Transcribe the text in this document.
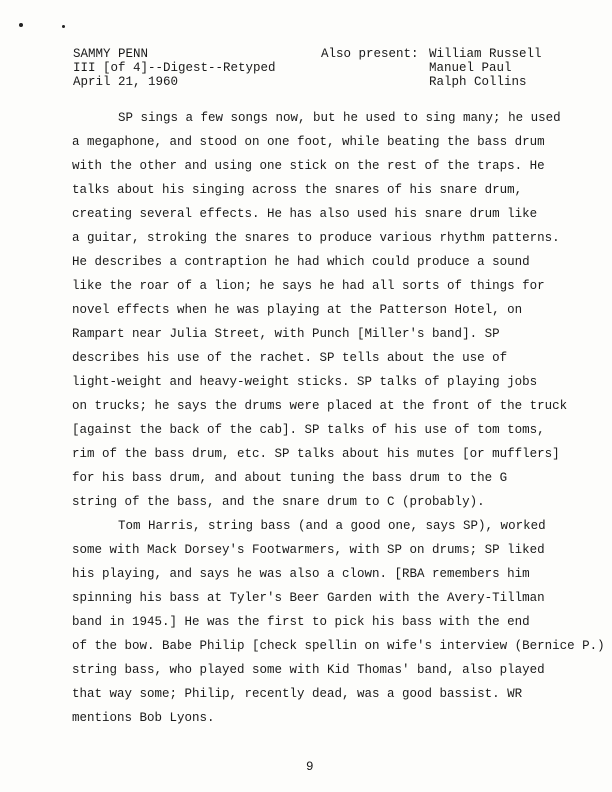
SAMMY PENN
III [of 4]--Digest--Retyped
April 21, 1960
Also present: William Russell
Manuel Paul
Ralph Collins
SP sings a few songs now, but he used to sing many; he used
a megaphone, and stood on one foot, while beating the bass drum
with the other and using one stick on the rest of the traps. He
talks about his singing across the snares of his snare drum,
creating several effects. He has also used his snare drum like
a guitar, stroking the snares to produce various rhythm patterns.
He describes a contraption he had which could produce a sound
like the roar of a lion; he says he had all sorts of things for
novel effects when he was playing at the Patterson Hotel, on
Rampart near Julia Street, with Punch [Miller's band]. SP
describes his use of the rachet. SP tells about the use of
light-weight and heavy-weight sticks. SP talks of playing jobs
on trucks; he says the drums were placed at the front of the truck
[against the back of the cab]. SP talks of his use of tom toms,
rim of the bass drum, etc. SP talks about his mutes [or mufflers]
for his bass drum, and about tuning the bass drum to the G
string of the bass, and the snare drum to C (probably).
Tom Harris, string bass (and a good one, says SP), worked
some with Mack Dorsey's Footwarmers, with SP on drums; SP liked
his playing, and says he was also a clown. [RBA remembers him
spinning his bass at Tyler's Beer Garden with the Avery-Tillman
band in 1945.] He was the first to pick his bass with the end
of the bow. Babe Philip [check spellin on wife's interview (Bernice P.)
string bass, who played some with Kid Thomas' band, also played
that way some; Philip, recently dead, was a good bassist. WR
mentions Bob Lyons.
9
